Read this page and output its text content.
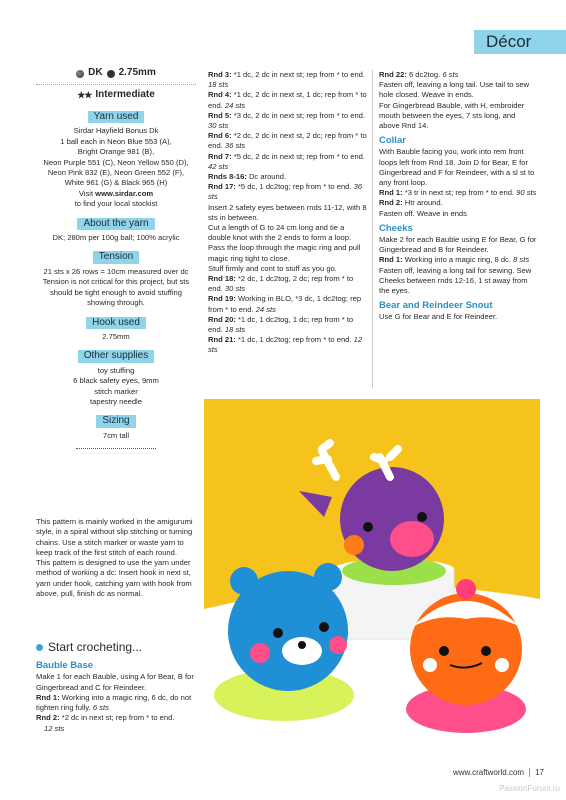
Décor
DK 2.75mm
★★ Intermediate
Yarn used

Sirdar Hayfield Bonus Dk

1 ball each in Neon Blue 553 (A),

Bright Orange 981 (B),

Neon Purple 551 (C), Neon Yellow 550 (D),

Neon Pink 832 (E), Neon Green 552 (F),

White 961 (G) & Black 965 (H)

Visit www.sirdar.com

to find your local stockist

About the yarn

DK; 280m per 100g ball; 100% acrylic

Tension

21 sts x 26 rows = 10cm measured over dc Tension is not critical for this project, but sts should be tight enough to avoid stuffing showing through.

Hook used

2.75mm

Other supplies

toy stuffing

6 black safety eyes, 9mm

stitch marker

tapestry needle

Sizing

7cm tall

This pattern is mainly worked in the amigurumi style, in a spiral without slip stitching or turning chains. Use a stitch marker or waste yarn to keep track of the first stitch of each round.

This pattern is designed to use the yarn under method of working a dc: Insert hook in next st, yarn under hook, catching yarn with hook from above, pull, finish dc as normal.

Start crocheting...
Bauble Base

Make 1 for each Bauble, using A for Bear, B for Gingerbread and C for Reindeer.

Rnd 1: Working into a magic ring, 6 dc, do not tighten ring fully. 6 sts

Rnd 2: *2 dc in next st; rep from * to end.

12 sts

Rnd 3: *1 dc, 2 dc in next st; rep from * to end. 18 sts

Rnd 4: *1 dc, 2 dc in next st, 1 dc; rep from * to end. 24 sts

Rnd 5: *3 dc, 2 dc in next st; rep from * to end. 30 sts

Rnd 6: *2 dc, 2 dc in next st, 2 dc; rep from * to end. 36 sts

Rnd 7: *5 dc, 2 dc in next st; rep from * to end. 42 sts

Rnds 8-16: Dc around.

Rnd 17: *5 dc, 1 dc2tog; rep from * to end. 36 sts

Insert 2 safety eyes between rnds 11-12, with 8 sts in between.

Cut a length of G to 24 cm long and tie a double knot with the 2 ends to form a loop. Pass the loop through the magic ring and pull magic ring tight to close.

Stuff firmly and cont to stuff as you go.

Rnd 18: *2 dc, 1 dc2tog, 2 dc; rep from * to end. 30 sts

Rnd 19: Working in BLO, *3 dc, 1 dc2tog; rep from * to end. 24 sts

Rnd 20: *1 dc, 1 dc2tog, 1 dc; rep from * to end. 18 sts

Rnd 21: *1 dc, 1 dc2tog; rep from * to end. 12 sts

Rnd 22: 6 dc2tog. 6 sts

Fasten off, leaving a long tail. Use tail to sew hole closed. Weave in ends.

For Gingerbread Bauble, with H, embroider mouth between the eyes, 7 sts long, and above Rnd 14.

Collar

With Bauble facing you, work into rem front loops left from Rnd 18. Join D for Bear, E for Gingerbread and F for Reindeer, with a sl st to any front loop.

Rnd 1: *3 tr in next st; rep from * to end. 90 sts

Rnd 2: Htr around.

Fasten off. Weave in ends

Cheeks

Make 2 for each Bauble using E for Bear, G for Gingerbread and B for Reindeer.

Rnd 1: Working into a magic ring, 8 dc. 8 sts

Fasten off, leaving a long tail for sewing. Sew Cheeks between rnds 12-16, 1 st away from the eyes.

Bear and Reindeer Snout

Use G for Bear and E for Reindeer.

www.craftworld.com 17
PassionForum.ru
